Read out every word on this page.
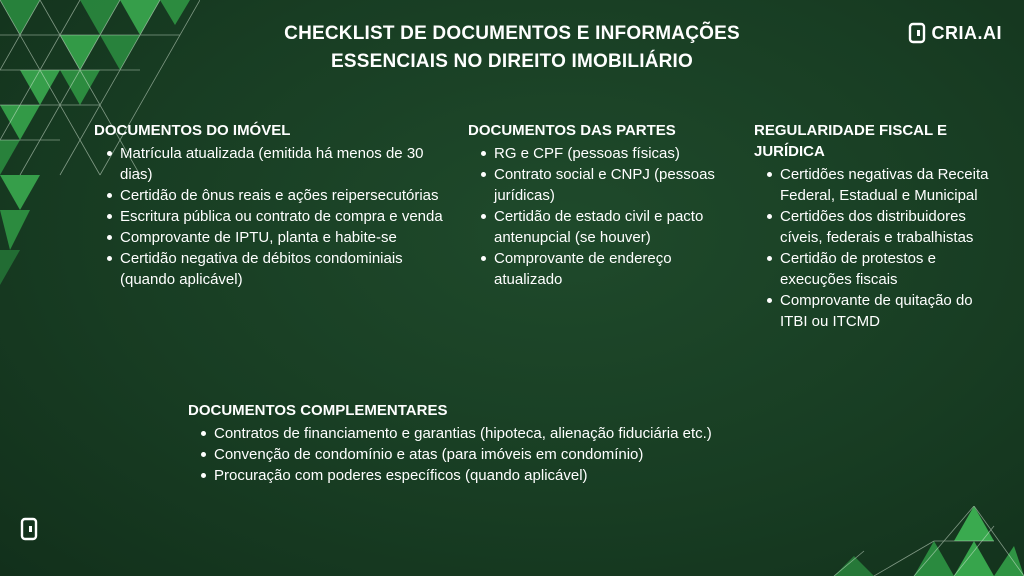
CHECKLIST DE DOCUMENTOS E INFORMAÇÕES
ESSENCIAIS NO DIREITO IMOBILIÁRIO
CRIA.AI
DOCUMENTOS DO IMÓVEL
Matrícula atualizada (emitida há menos de 30 dias)
Certidão de ônus reais e ações reipersecutórias
Escritura pública ou contrato de compra e venda
Comprovante de IPTU, planta e habite-se
Certidão negativa de débitos condominiais (quando aplicável)
DOCUMENTOS DAS PARTES
RG e CPF (pessoas físicas)
Contrato social e CNPJ (pessoas jurídicas)
Certidão de estado civil e pacto antenupcial (se houver)
Comprovante de endereço atualizado
REGULARIDADE FISCAL E JURÍDICA
Certidões negativas da Receita Federal, Estadual e Municipal
Certidões dos distribuidores cíveis, federais e trabalhistas
Certidão de protestos e execuções fiscais
Comprovante de quitação do ITBI ou ITCMD
DOCUMENTOS COMPLEMENTARES
Contratos de financiamento e garantias (hipoteca, alienação fiduciária etc.)
Convenção de condomínio e atas (para imóveis em condomínio)
Procuração com poderes específicos (quando aplicável)
